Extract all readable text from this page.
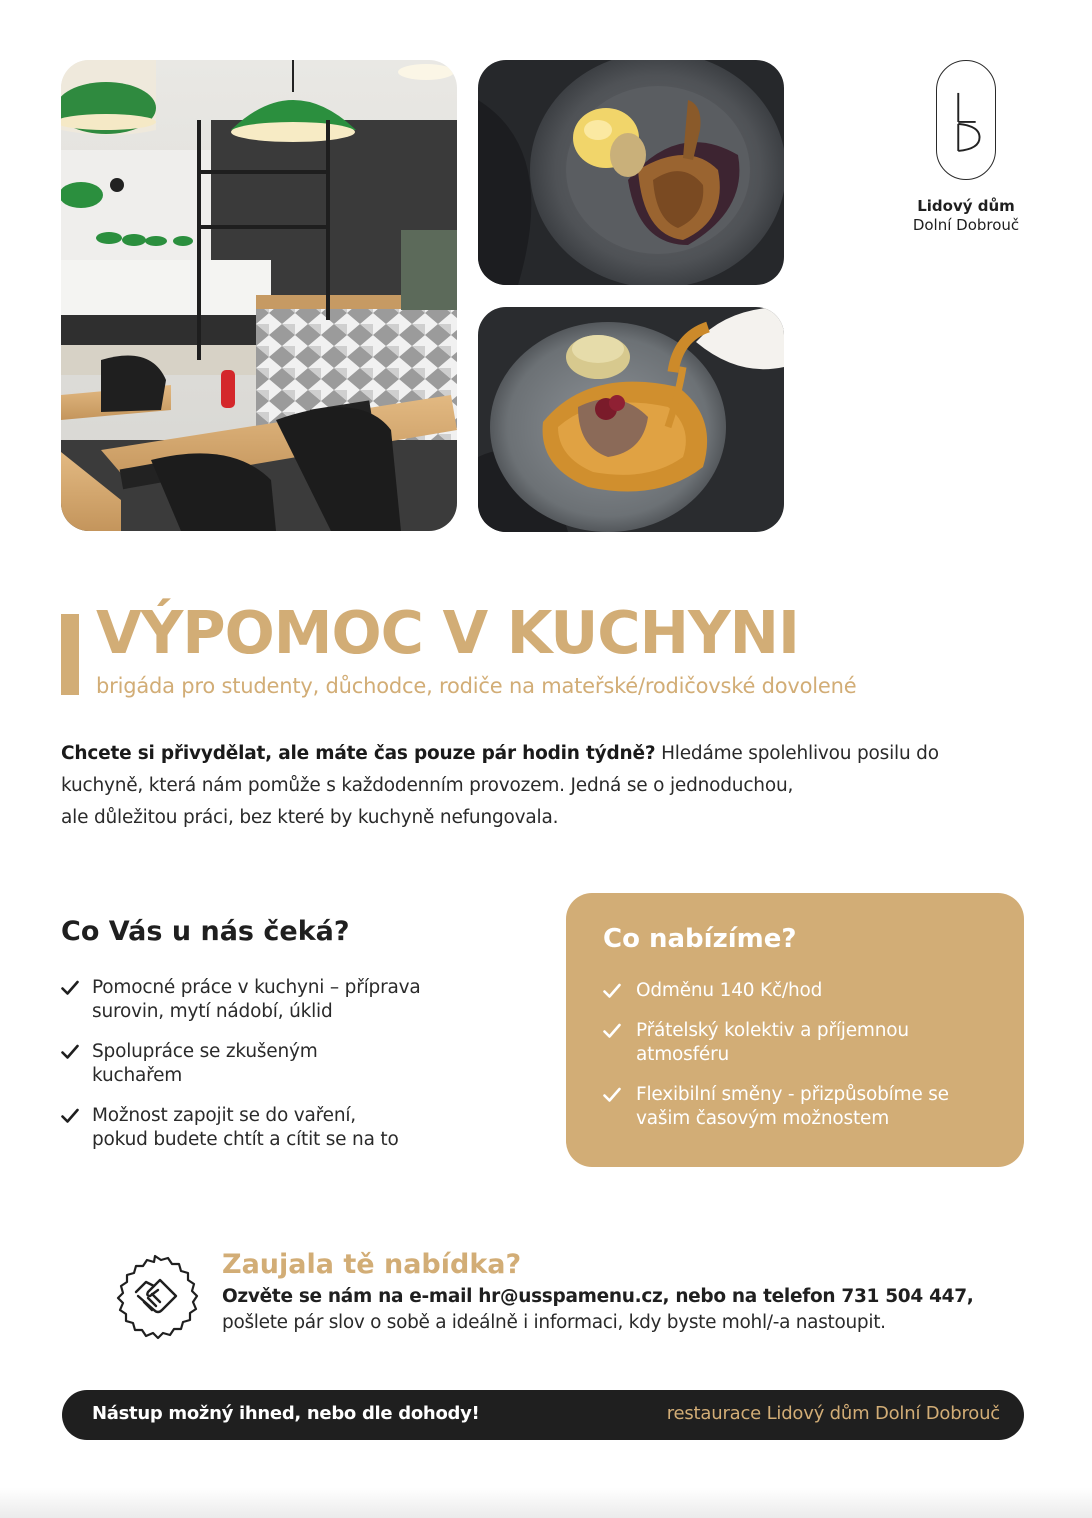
Lidový dům
Dolní Dobrouč
VÝPOMOC V KUCHYNI

brigáda pro studenty, důchodce, rodiče na mateřské/rodičovské dovolené

Chcete si přivydělat, ale máte čas pouze pár hodin týdně? Hledáme spolehlivou posilu do
kuchyně, která nám pomůže s každodenním provozem. Jedná se o jednoduchou,
ale důležitou práci, bez které by kuchyně nefungovala.

Co Vás u nás čeká?
Pomocné práce v kuchyni – příprava
surovin, mytí nádobí, úklid
Spolupráce se zkušeným
kuchařem
Možnost zapojit se do vaření,
pokud budete chtít a cítit se na to
Co nabízíme?
Odměnu 140 Kč/hod
Přátelský kolektiv a příjemnou
atmosféru
Flexibilní směny - přizpůsobíme se
vašim časovým možnostem
Zaujala tě nabídka?

Ozvěte se nám na e-mail hr@usspamenu.cz, nebo na telefon 731 504 447,

pošlete pár slov o sobě a ideálně i informaci, kdy byste mohl/-a nastoupit.

Nástup možný ihned, nebo dle dohody!	restaurace Lidový dům Dolní Dobrouč
